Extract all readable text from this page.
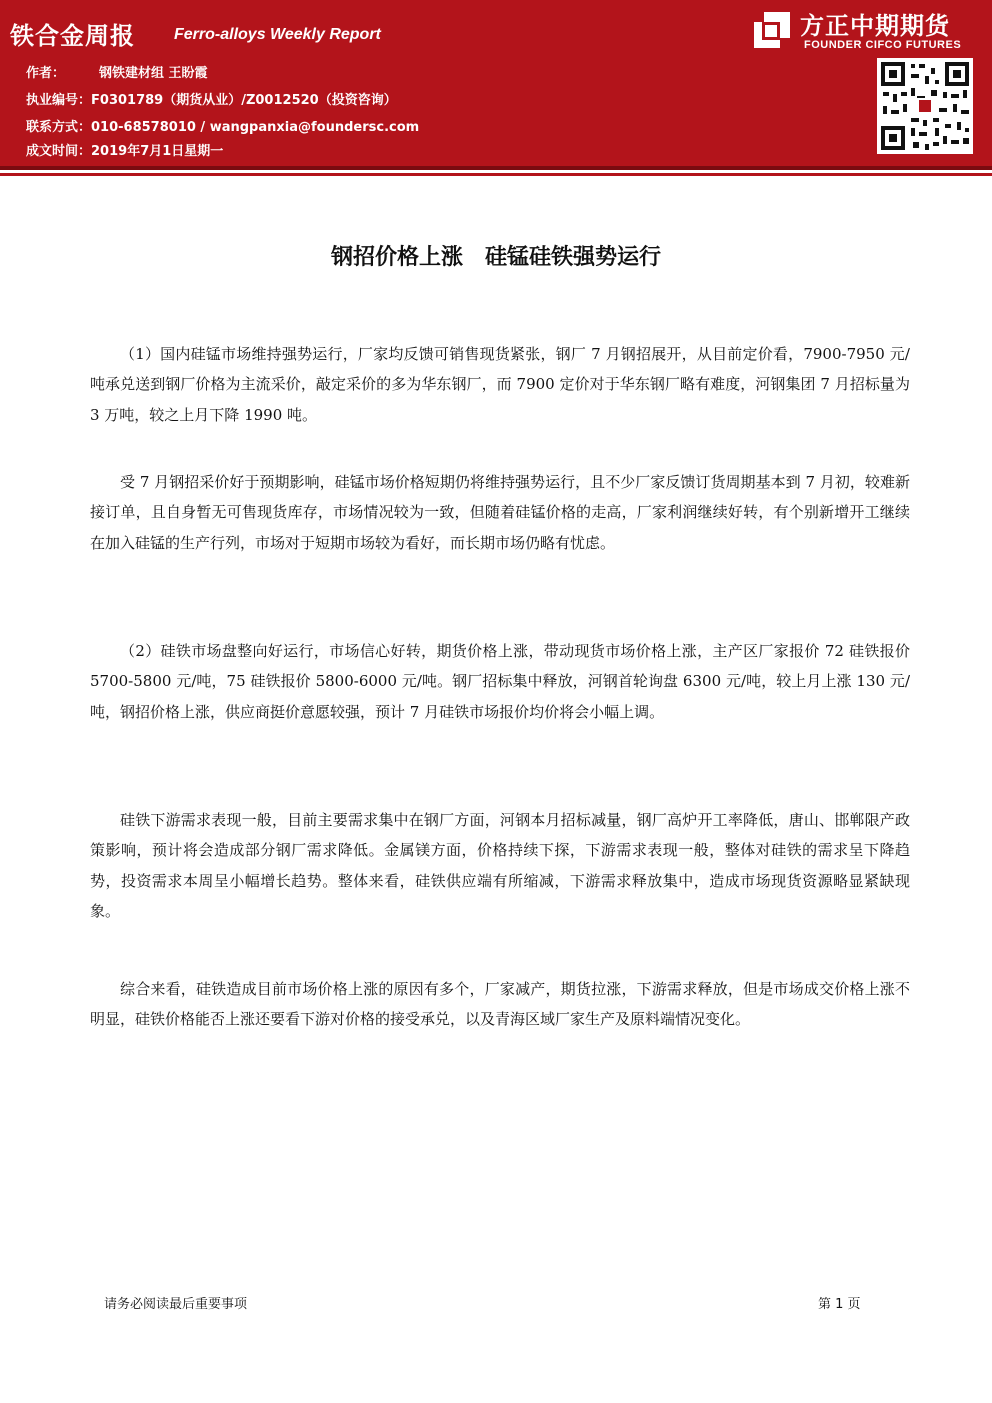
铁合金周报 Ferro-alloys Weekly Report
作者：	钢铁建材组 王盼霞
执业编号：F0301789（期货从业）/Z0012520（投资咨询）
联系方式：010-68578010 / wangpanxia@foundersc.com
成文时间：2019年7月1日星期一
方正中期期货
FOUNDER CIFCO FUTURES
钢招价格上涨　硅锰硅铁强势运行

（1）国内硅锰市场维持强势运行，厂家均反馈可销售现货紧张，钢厂 7 月钢招展开，从目前定价看，7900-7950 元/吨承兑送到钢厂价格为主流采价，敲定采价的多为华东钢厂，而 7900 定价对于华东钢厂略有难度，河钢集团 7 月招标量为 3 万吨，较之上月下降 1990 吨。

受 7 月钢招采价好于预期影响，硅锰市场价格短期仍将维持强势运行，且不少厂家反馈订货周期基本到 7 月初，较难新接订单，且自身暂无可售现货库存，市场情况较为一致，但随着硅锰价格的走高，厂家利润继续好转，有个别新增开工继续在加入硅锰的生产行列，市场对于短期市场较为看好，而长期市场仍略有忧虑。

（2）硅铁市场盘整向好运行，市场信心好转，期货价格上涨，带动现货市场价格上涨，主产区厂家报价 72 硅铁报价 5700-5800 元/吨，75 硅铁报价 5800-6000 元/吨。钢厂招标集中释放，河钢首轮询盘 6300 元/吨，较上月上涨 130 元/吨，钢招价格上涨，供应商挺价意愿较强，预计 7 月硅铁市场报价均价将会小幅上调。

硅铁下游需求表现一般，目前主要需求集中在钢厂方面，河钢本月招标减量，钢厂高炉开工率降低，唐山、邯郸限产政策影响，预计将会造成部分钢厂需求降低。金属镁方面，价格持续下探，下游需求表现一般，整体对硅铁的需求呈下降趋势，投资需求本周呈小幅增长趋势。整体来看，硅铁供应端有所缩减，下游需求释放集中，造成市场现货资源略显紧缺现象。

综合来看，硅铁造成目前市场价格上涨的原因有多个，厂家减产，期货拉涨，下游需求释放，但是市场成交价格上涨不明显，硅铁价格能否上涨还要看下游对价格的接受承兑，以及青海区域厂家生产及原料端情况变化。

请务必阅读最后重要事项	第 1 页
